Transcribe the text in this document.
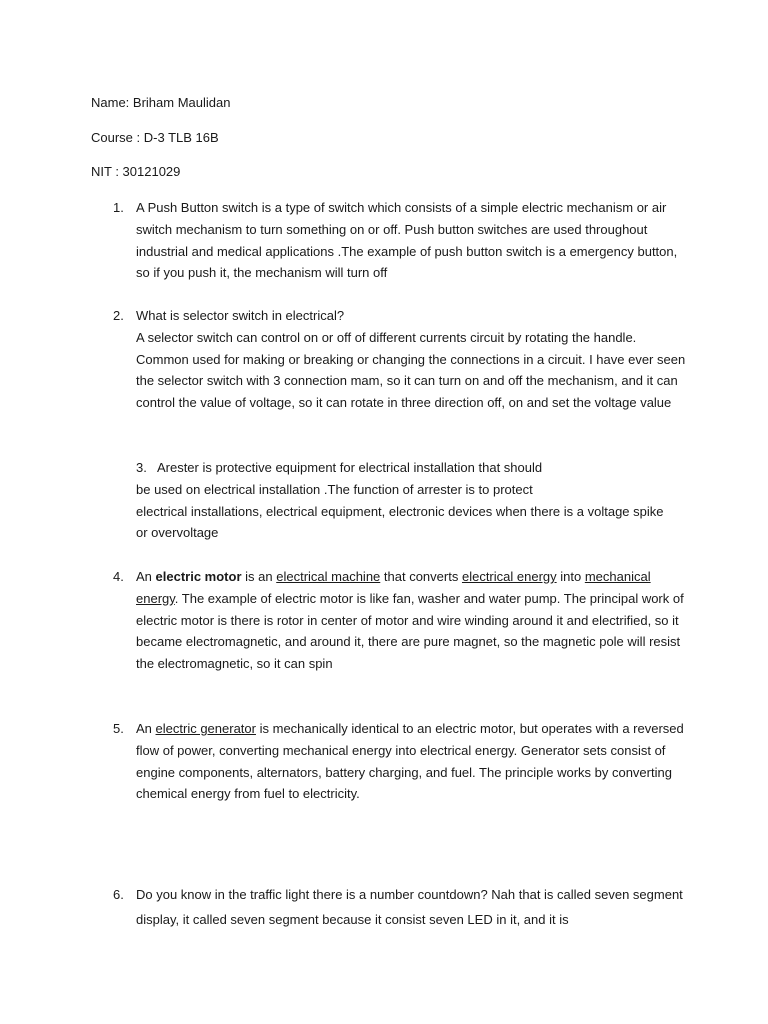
Name: Briham Maulidan
Course : D-3 TLB 16B
NIT : 30121029
1. A Push Button switch is a type of switch which consists of a simple electric mechanism or air switch mechanism to turn something on or off. Push button switches are used throughout industrial and medical applications .The example of push button switch is a emergency button, so if you push it, the mechanism will turn off
2. What is selector switch in electrical?
A selector switch can control on or off of different currents circuit by rotating the handle. Common used for making or breaking or changing the connections in a circuit. I have ever seen the selector switch with 3 connection mam, so it can turn on and off the mechanism, and it can control the value of voltage, so it can rotate in three direction off, on and set the voltage value
3. Arester is protective equipment for electrical installation that should
be used on electrical installation .The function of arrester is to protect
electrical installations, electrical equipment, electronic devices when there is a voltage spike or overvoltage
4. An electric motor is an electrical machine that converts electrical energy into mechanical energy. The example of electric motor is like fan, washer and water pump. The principal work of electric motor is there is rotor in center of motor and wire winding around it and electrified, so it became electromagnetic, and around it, there are pure magnet, so the magnetic pole will resist the electromagnetic, so it can spin
5. An electric generator is mechanically identical to an electric motor, but operates with a reversed flow of power, converting mechanical energy into electrical energy. Generator sets consist of engine components, alternators, battery charging, and fuel. The principle works by converting chemical energy from fuel to electricity.
6. Do you know in the traffic light there is a number countdown? Nah that is called seven segment display, it called seven segment because it consist seven LED in it, and it is
